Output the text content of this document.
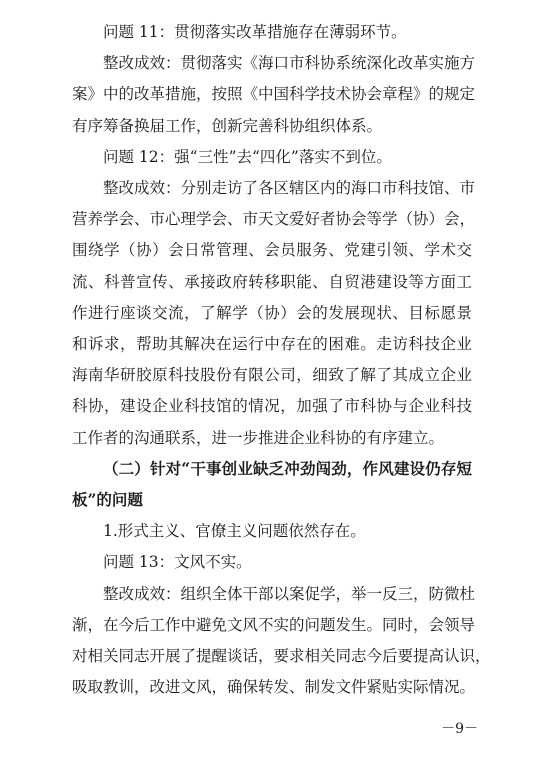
问题 11：贯彻落实改革措施存在薄弱环节。
整改成效：贯彻落实《海口市科协系统深化改革实施方
案》中的改革措施，按照《中国科学技术协会章程》的规定
有序筹备换届工作，创新完善科协组织体系。
问题 12：强“三性”去“四化”落实不到位。
整改成效：分别走访了各区辖区内的海口市科技馆、市
营养学会、市心理学会、市天文爱好者协会等学（协）会，
围绕学（协）会日常管理、会员服务、党建引领、学术交
流、科普宣传、承接政府转移职能、自贸港建设等方面工
作进行座谈交流，了解学（协）会的发展现状、目标愿景
和诉求，帮助其解决在运行中存在的困难。走访科技企业
海南华研胶原科技股份有限公司，细致了解了其成立企业
科协，建设企业科技馆的情况，加强了市科协与企业科技
工作者的沟通联系，进一步推进企业科协的有序建立。
（二）针对“干事创业缺乏冲劲闯劲，作风建设仍存短
板”的问题
1.形式主义、官僚主义问题依然存在。
问题 13：文风不实。
整改成效：组织全体干部以案促学，举一反三，防微杜
渐，在今后工作中避免文风不实的问题发生。同时，会领导
对相关同志开展了提醒谈话，要求相关同志今后要提高认识，
吸取教训，改进文风，确保转发、制发文件紧贴实际情况。
－9－
